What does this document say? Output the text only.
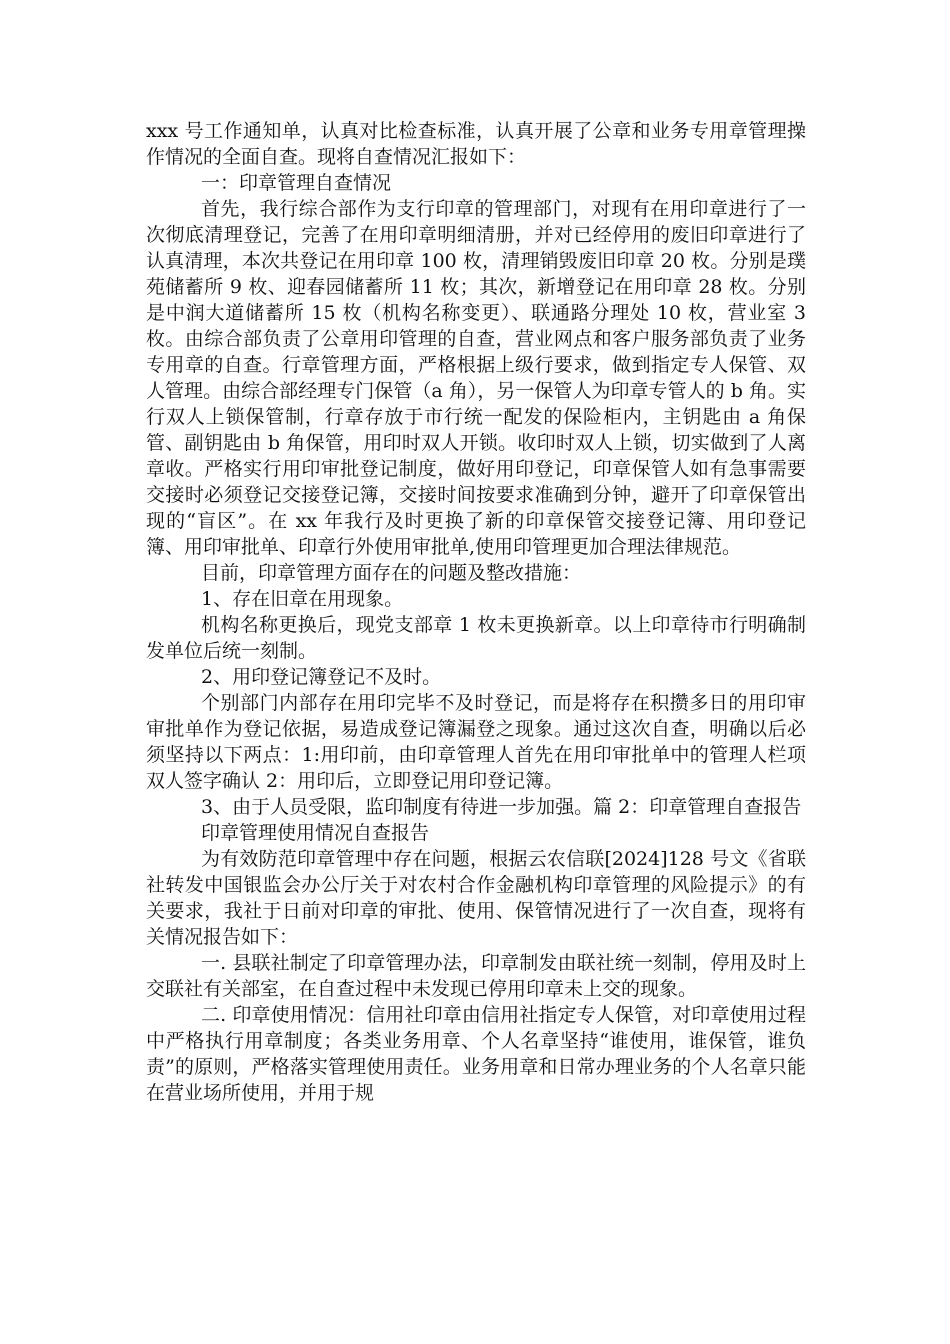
xxx 号工作通知单，认真对比检查标准，认真开展了公章和业务专用章管理操作情况的全面自查。现将自查情况汇报如下：

一：印章管理自查情况

首先，我行综合部作为支行印章的管理部门，对现有在用印章进行了一次彻底清理登记，完善了在用印章明细清册，并对已经停用的废旧印章进行了认真清理，本次共登记在用印章 100 枚，清理销毁废旧印章 20 枚。分别是璞苑储蓄所 9 枚、迎春园储蓄所 11 枚；其次，新增登记在用印章 28 枚。分别是中润大道储蓄所 15 枚（机构名称变更）、联通路分理处 10 枚，营业室 3 枚。由综合部负责了公章用印管理的自查，营业网点和客户服务部负责了业务专用章的自查。行章管理方面，严格根据上级行要求，做到指定专人保管、双人管理。由综合部经理专门保管（a 角），另一保管人为印章专管人的 b 角。实行双人上锁保管制，行章存放于市行统一配发的保险柜内，主钥匙由 a 角保管、副钥匙由 b 角保管，用印时双人开锁。收印时双人上锁，切实做到了人离章收。严格实行用印审批登记制度，做好用印登记，印章保管人如有急事需要交接时必须登记交接登记簿，交接时间按要求准确到分钟，避开了印章保管出现的“盲区”。在 xx 年我行及时更换了新的印章保管交接登记簿、用印登记簿、用印审批单、印章行外使用审批单,使用印管理更加合理法律规范。

目前，印章管理方面存在的问题及整改措施：

1、存在旧章在用现象。

机构名称更换后，现党支部章 1 枚未更换新章。以上印章待市行明确制发单位后统一刻制。

2、用印登记簿登记不及时。

个别部门内部存在用印完毕不及时登记，而是将存在积攒多日的用印审审批单作为登记依据，易造成登记簿漏登之现象。通过这次自查，明确以后必须坚持以下两点：1:用印前，由印章管理人首先在用印审批单中的管理人栏项双人签字确认 2：用印后，立即登记用印登记簿。

3、由于人员受限，监印制度有待进一步加强。篇 2：印章管理自查报告

印章管理使用情况自查报告

为有效防范印章管理中存在问题，根据云农信联[2024]128 号文《省联社转发中国银监会办公厅关于对农村合作金融机构印章管理的风险提示》的有关要求，我社于日前对印章的审批、使用、保管情况进行了一次自查，现将有关情况报告如下：

一. 县联社制定了印章管理办法，印章制发由联社统一刻制，停用及时上交联社有关部室，在自查过程中未发现已停用印章未上交的现象。

二. 印章使用情况：信用社印章由信用社指定专人保管，对印章使用过程中严格执行用章制度；各类业务用章、个人名章坚持“谁使用，谁保管，谁负责”的原则，严格落实管理使用责任。业务用章和日常办理业务的个人名章只能在营业场所使用，并用于规
